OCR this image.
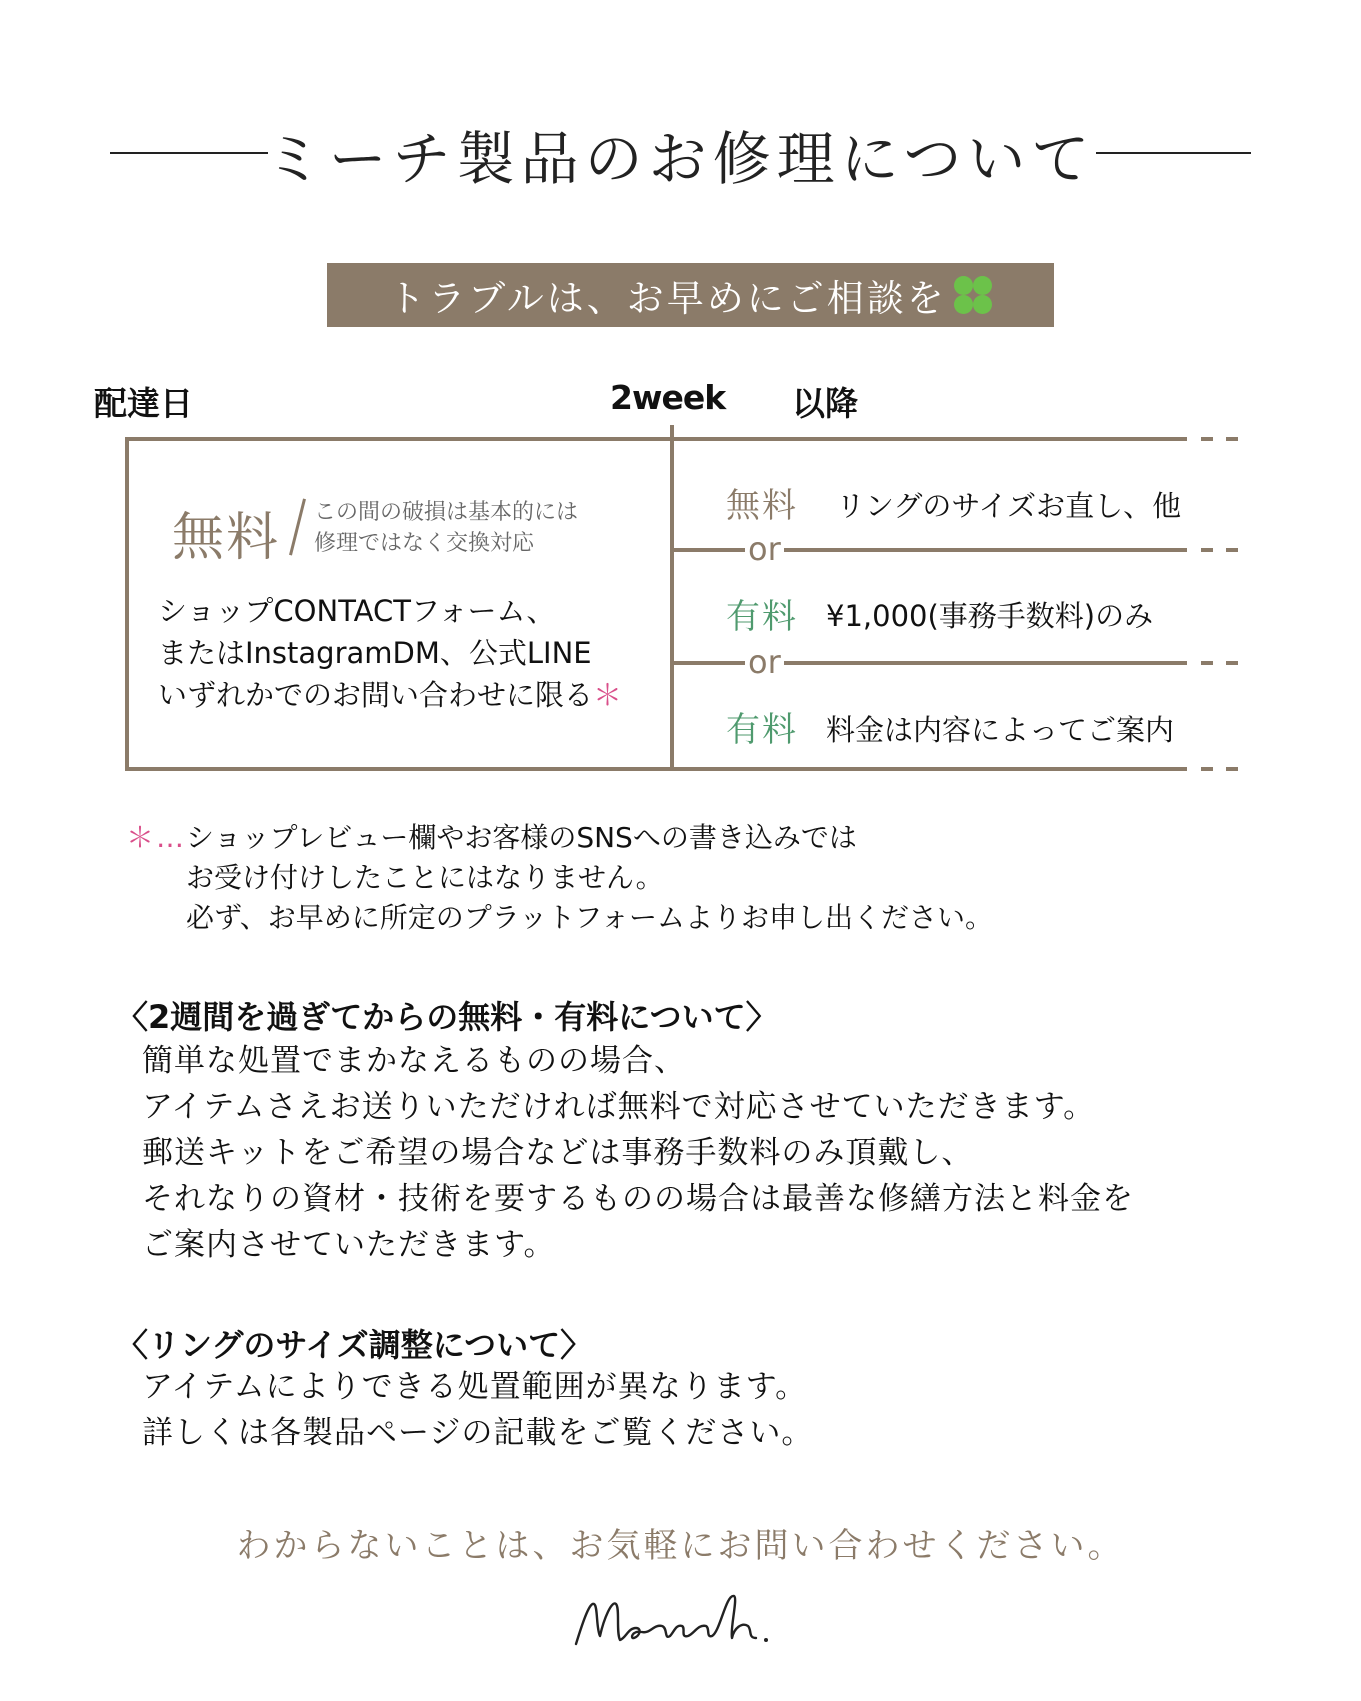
ミーチ製品のお修理について
トラブルは、お早めにご相談を
配達日	2week 以降
無料 この間の破損は基本的には
修理ではなく交換対応
ショップCONTACTフォーム、
またはInstagramDM、公式LINE
いずれかでのお問い合わせに限る＊
無料 リングのサイズお直し、他
or
有料 ¥1,000(事務手数料)のみ
or
有料 料金は内容によってご案内
＊…ショップレビュー欄やお客様のSNSへの書き込みでは
お受け付けしたことにはなりません。
必ず、お早めに所定のプラットフォームよりお申し出ください。
〈2週間を過ぎてからの無料・有料について〉
簡単な処置でまかなえるものの場合、
アイテムさえお送りいただければ無料で対応させていただきます。
郵送キットをご希望の場合などは事務手数料のみ頂戴し、
それなりの資材・技術を要するものの場合は最善な修繕方法と料金を
ご案内させていただきます。
〈リングのサイズ調整について〉
アイテムによりできる処置範囲が異なります。
詳しくは各製品ページの記載をご覧ください。
わからないことは、お気軽にお問い合わせください。
